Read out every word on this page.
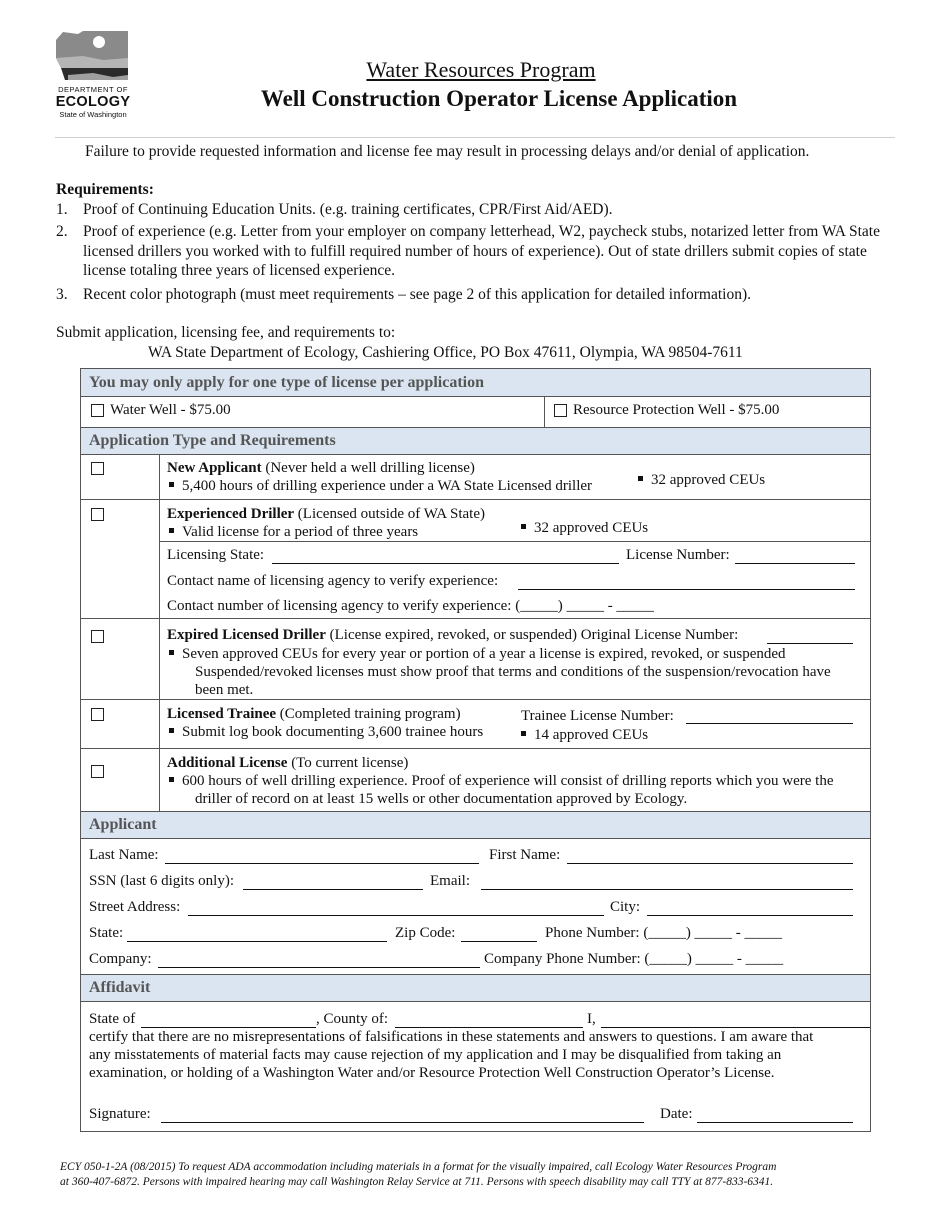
DEPARTMENT OF
ECOLOGY
State of Washington
Water Resources Program
Well Construction Operator License Application
Failure to provide requested information and license fee may result in processing delays and/or denial of application.
Requirements:
1. Proof of Continuing Education Units. (e.g. training certificates, CPR/First Aid/AED).
2. Proof of experience (e.g. Letter from your employer on company letterhead, W2, paycheck stubs, notarized letter from WA State licensed drillers you worked with to fulfill required number of hours of experience). Out of state drillers submit copies of state license totaling three years of licensed experience.
3. Recent color photograph (must meet requirements – see page 2 of this application for detailed information).
Submit application, licensing fee, and requirements to:
WA State Department of Ecology, Cashiering Office, PO Box 47611, Olympia, WA 98504-7611
You may only apply for one type of license per application
Water Well - $75.00	Resource Protection Well - $75.00
Application Type and Requirements
New Applicant (Never held a well drilling license)
5,400 hours of drilling experience under a WA State Licensed driller	32 approved CEUs
Experienced Driller (Licensed outside of WA State)
Valid license for a period of three years	32 approved CEUs
Licensing State:	License Number:
Contact name of licensing agency to verify experience:
Contact number of licensing agency to verify experience: (_____) _____ - _____
Expired Licensed Driller (License expired, revoked, or suspended) Original License Number:
Seven approved CEUs for every year or portion of a year a license is expired, revoked, or suspended
Suspended/revoked licenses must show proof that terms and conditions of the suspension/revocation have
been met.
Licensed Trainee (Completed training program)	Trainee License Number:
Submit log book documenting 3,600 trainee hours	14 approved CEUs
Additional License (To current license)
600 hours of well drilling experience. Proof of experience will consist of drilling reports which you were the
driller of record on at least 15 wells or other documentation approved by Ecology.
Applicant
Last Name:	First Name:
SSN (last 6 digits only):	Email:
Street Address:	City:
State:	Zip Code:	Phone Number: (_____) _____ - _____
Company:	Company Phone Number: (_____) _____ - _____
Affidavit
State of	, County of:	I,
certify that there are no misrepresentations of falsifications in these statements and answers to questions. I am aware that
any misstatements of material facts may cause rejection of my application and I may be disqualified from taking an
examination, or holding of a Washington Water and/or Resource Protection Well Construction Operator’s License.
Signature:	Date:
ECY 050-1-2A (08/2015) To request ADA accommodation including materials in a format for the visually impaired, call Ecology Water Resources Program
at 360-407-6872. Persons with impaired hearing may call Washington Relay Service at 711. Persons with speech disability may call TTY at 877-833-6341.
